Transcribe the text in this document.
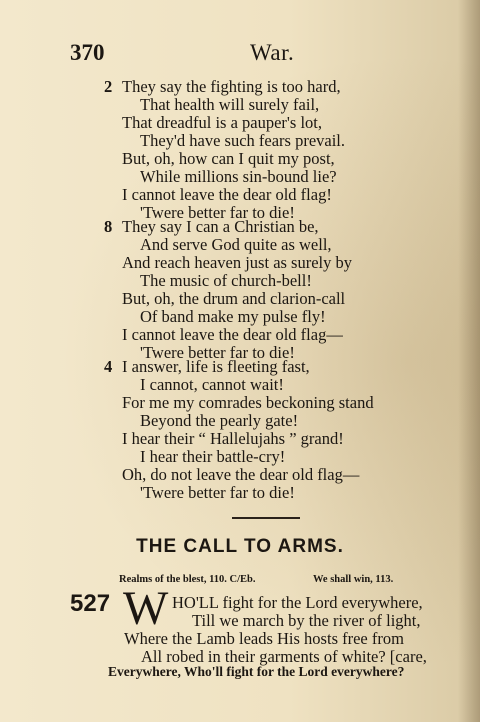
370	War.
2 They say the fighting is too hard,
That health will surely fail,
That dreadful is a pauper's lot,
They'd have such fears prevail.
But, oh, how can I quit my post,
While millions sin-bound lie?
I cannot leave the dear old flag!
'Twere better far to die!
8 They say I can a Christian be,
And serve God quite as well,
And reach heaven just as surely by
The music of church-bell!
But, oh, the drum and clarion-call
Of band make my pulse fly!
I cannot leave the dear old flag—
'Twere better far to die!
4 I answer, life is fleeting fast,
I cannot, cannot wait!
For me my comrades beckoning stand
Beyond the pearly gate!
I hear their “ Hallelujahs ” grand!
I hear their battle-cry!
Oh, do not leave the dear old flag—
'Twere better far to die!
THE CALL TO ARMS.
Realms of the blest, 110. C/Eb.	We shall win, 113.
527 W HO'LL fight for the Lord everywhere,
Till we march by the river of light,
Where the Lamb leads His hosts free from
All robed in their garments of white? [care,
Everywhere, Who'll fight for the Lord everywhere?
